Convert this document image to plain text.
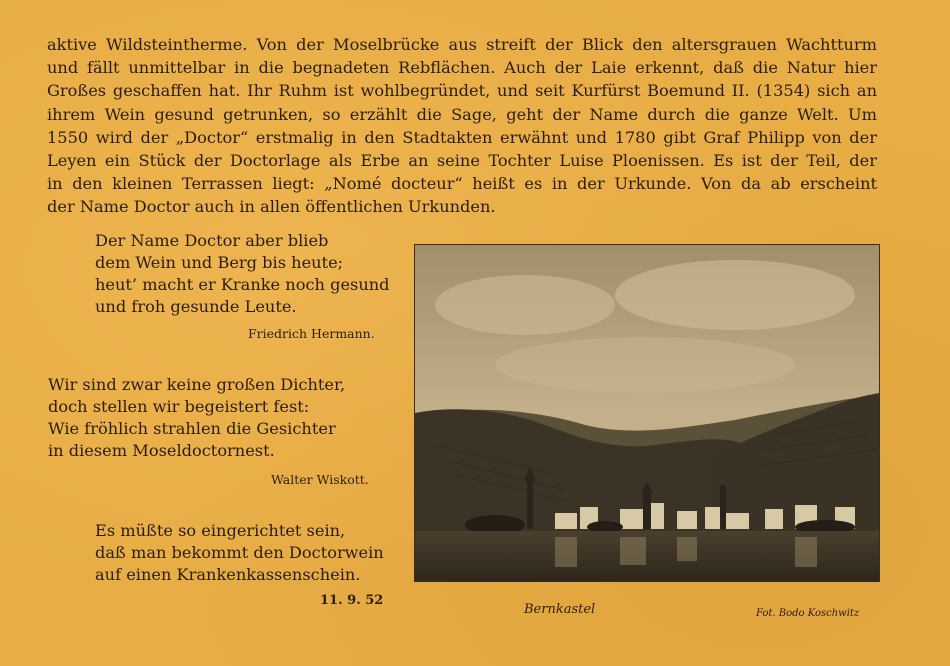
aktive Wildsteintherme. Von der Moselbrücke aus streift der Blick den altersgrauen Wachtturm
und fällt unmittelbar in die begnadeten Rebflächen. Auch der Laie erkennt, daß die Natur hier
Großes geschaffen hat. Ihr Ruhm ist wohlbegründet, und seit Kurfürst Boemund II. (1354) sich an
ihrem Wein gesund getrunken, so erzählt die Sage, geht der Name durch die ganze Welt. Um
1550 wird der „Doctor“ erstmalig in den Stadtakten erwähnt und 1780 gibt Graf Philipp von der
Leyen ein Stück der Doctorlage als Erbe an seine Tochter Luise Ploenissen. Es ist der Teil, der
in den kleinen Terrassen liegt: „Nomé docteur“ heißt es in der Urkunde. Von da ab erscheint
der Name Doctor auch in allen öffentlichen Urkunden.
Der Name Doctor aber blieb
dem Wein und Berg bis heute;
heut’ macht er Kranke noch gesund
und froh gesunde Leute.
Friedrich Hermann.
Wir sind zwar keine großen Dichter,
doch stellen wir begeistert fest:
Wie fröhlich strahlen die Gesichter
in diesem Moseldoctornest.
Walter Wiskott.
Es müßte so eingerichtet sein,
daß man bekommt den Doctorwein
auf einen Krankenkassenschein.
11. 9. 52
Bernkastel	Fot. Bodo Koschwitz
